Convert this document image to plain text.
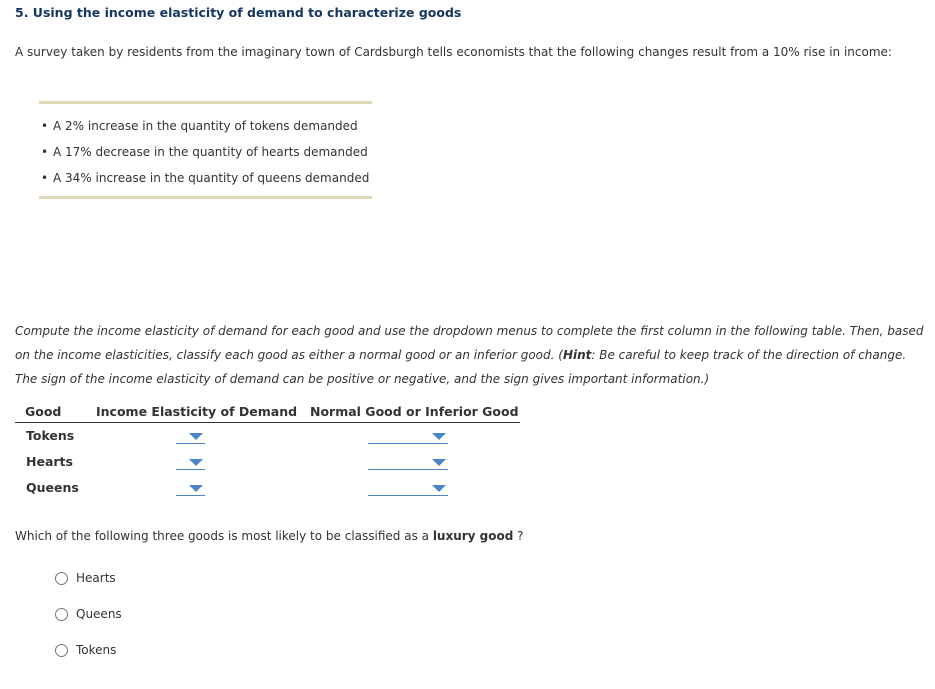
5. Using the income elasticity of demand to characterize goods
A survey taken by residents from the imaginary town of Cardsburgh tells economists that the following changes result from a 10% rise in income:
• A 2% increase in the quantity of tokens demanded
• A 17% decrease in the quantity of hearts demanded
• A 34% increase in the quantity of queens demanded
Compute the income elasticity of demand for each good and use the dropdown menus to complete the first column in the following table. Then, based on the income elasticities, classify each good as either a normal good or an inferior good. (Hint: Be careful to keep track of the direction of change. The sign of the income elasticity of demand can be positive or negative, and the sign gives important information.)
Good	Income Elasticity of Demand Normal Good or Inferior Good
Tokens
Hearts
Queens
Which of the following three goods is most likely to be classified as a luxury good ?
Hearts
Queens
Tokens
